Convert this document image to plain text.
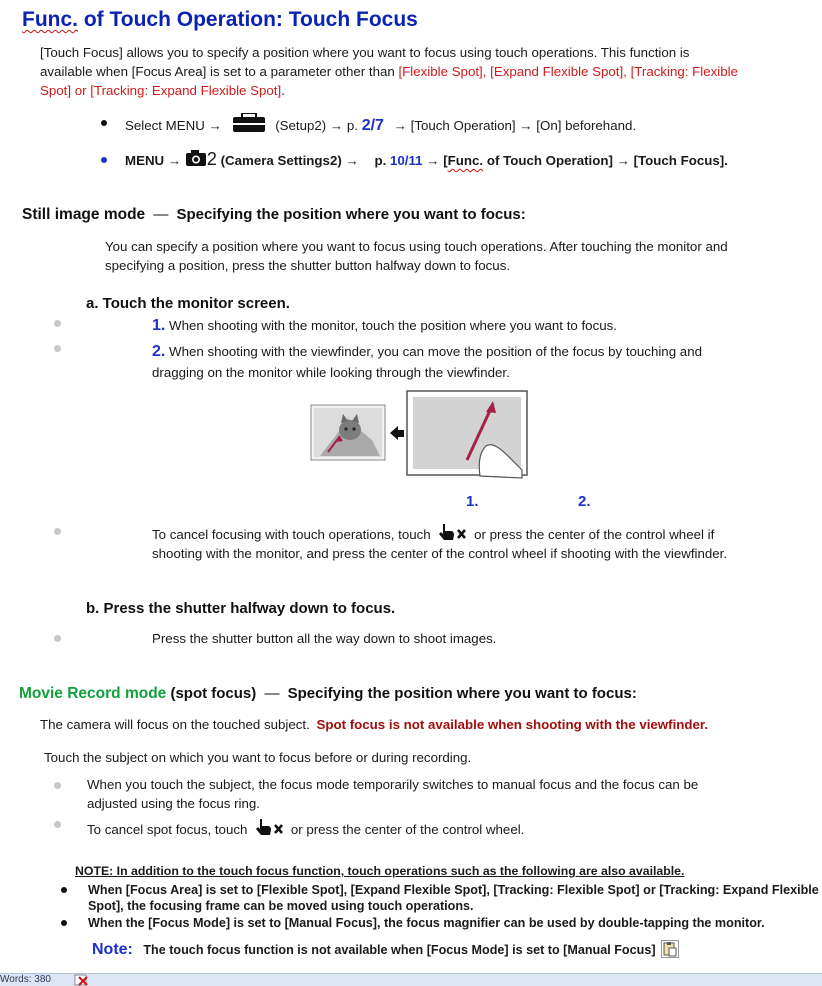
Func. of Touch Operation: Touch Focus
[Touch Focus] allows you to specify a position where you want to focus using touch operations. This function is
available when [Focus Area] is set to a parameter other than [Flexible Spot], [Expand Flexible Spot], [Tracking: Flexible
Spot] or [Tracking: Expand Flexible Spot].
Select MENU →	(Setup2) → p. 2/7 → [Touch Operation] → [On] beforehand.
MENU → 2 (Camera Settings2) → p. 10/11 → [Func. of Touch Operation] → [Touch Focus].
Still image mode — Specifying the position where you want to focus:
You can specify a position where you want to focus using touch operations. After touching the monitor and
specifying a position, press the shutter button halfway down to focus.
a. Touch the monitor screen.
1. When shooting with the monitor, touch the position where you want to focus.
2. When shooting with the viewfinder, you can move the position of the focus by touching and
dragging on the monitor while looking through the viewfinder.
1.	2.
To cancel focusing with touch operations, touch	or press the center of the control wheel if
shooting with the monitor, and press the center of the control wheel if shooting with the viewfinder.
b. Press the shutter halfway down to focus.
Press the shutter button all the way down to shoot images.
Movie Record mode (spot focus) — Specifying the position where you want to focus:
The camera will focus on the touched subject. Spot focus is not available when shooting with the viewfinder.
Touch the subject on which you want to focus before or during recording.
When you touch the subject, the focus mode temporarily switches to manual focus and the focus can be
adjusted using the focus ring.
To cancel spot focus, touch	or press the center of the control wheel.
NOTE: In addition to the touch focus function, touch operations such as the following are also available.
When [Focus Area] is set to [Flexible Spot], [Expand Flexible Spot], [Tracking: Flexible Spot] or [Tracking: Expand Flexible
Spot], the focusing frame can be moved using touch operations.
When the [Focus Mode] is set to [Manual Focus], the focus magnifier can be used by double-tapping the monitor.
Note: The touch focus function is not available when [Focus Mode] is set to [Manual Focus]
Words: 380
